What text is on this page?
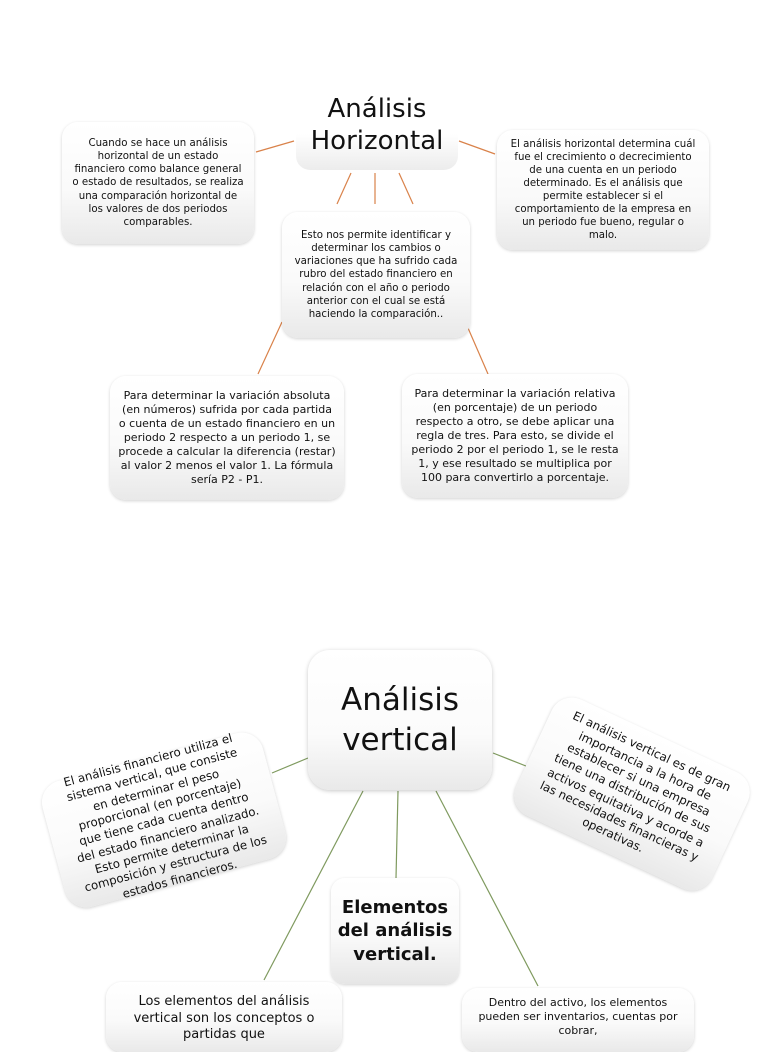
Análisis Horizontal
Cuando se hace un análisis horizontal de un estado financiero como balance general o estado de resultados, se realiza una comparación horizontal de los valores de dos periodos comparables.
El análisis horizontal determina cuál fue el crecimiento o decrecimiento de una cuenta en un periodo determinado. Es el análisis que permite establecer si el comportamiento de la empresa en un periodo fue bueno, regular o malo.
Esto nos permite identificar y determinar los cambios o variaciones que ha sufrido cada rubro del estado financiero en relación con el año o periodo anterior con el cual se está haciendo la comparación..
Para determinar la variación absoluta (en números) sufrida por cada partida o cuenta de un estado financiero en un periodo 2 respecto a un periodo 1, se procede a calcular la diferencia (restar) al valor 2 menos el valor 1. La fórmula sería P2 - P1.
Para determinar la variación relativa (en porcentaje) de un periodo respecto a otro, se debe aplicar una regla de tres. Para esto, se divide el periodo 2 por el periodo 1, se le resta 1, y ese resultado se multiplica por 100 para convertirlo a porcentaje.
Análisis vertical
El análisis financiero utiliza el sistema vertical, que consiste en determinar el peso proporcional (en porcentaje) que tiene cada cuenta dentro del estado financiero analizado. Esto permite determinar la composición y estructura de los estados financieros.
El análisis vertical es de gran importancia a la hora de establecer si una empresa tiene una distribución de sus activos equitativa y acorde a las necesidades financieras y operativas.
Elementos del análisis vertical.
Los elementos del análisis vertical son los conceptos o partidas que
Dentro del activo, los elementos pueden ser inventarios, cuentas por cobrar,
